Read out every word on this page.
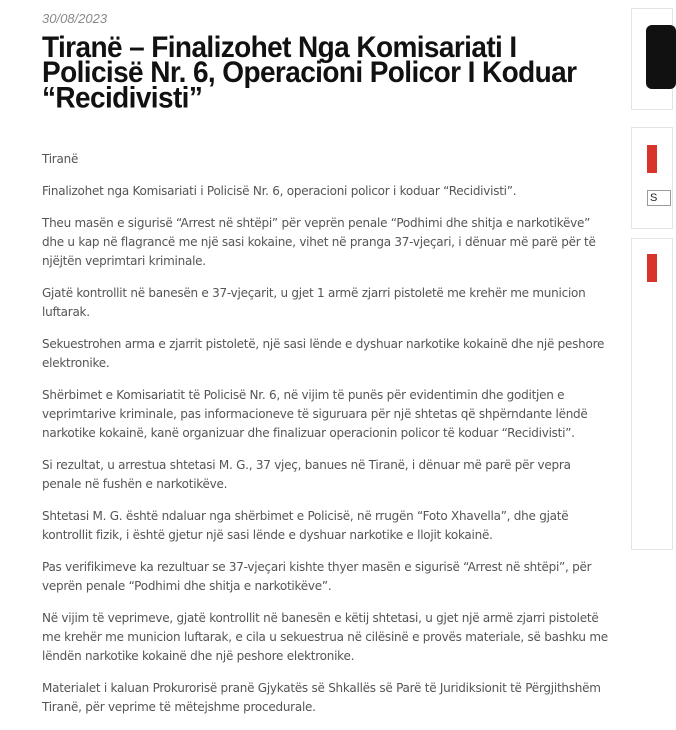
30/08/2023
Tiranë – Finalizohet Nga Komisariati I Policisë Nr. 6, Operacioni Policor I Koduar “Recidivisti”

Tiranë

Finalizohet nga Komisariati i Policisë Nr. 6, operacioni policor i koduar “Recidivisti”.

Theu masën e sigurisë “Arrest në shtëpi” për veprën penale “Podhimi dhe shitja e narkotikëve” dhe u kap në flagrancë me një sasi kokaine, vihet në pranga 37-vjeçari, i dënuar më parë për të njëjtën veprimtari kriminale.

Gjatë kontrollit në banesën e 37-vjeçarit, u gjet 1 armë zjarri pistoletë me krehër me municion luftarak.

Sekuestrohen arma e zjarrit pistoletë, një sasi lënde e dyshuar narkotike kokainë dhe një peshore elektronike.

Shërbimet e Komisariatit të Policisë Nr. 6, në vijim të punës për evidentimin dhe goditjen e veprimtarive kriminale, pas informacioneve të siguruara për një shtetas që shpërndante lëndë narkotike kokainë, kanë organizuar dhe finalizuar operacionin policor të koduar “Recidivisti”.

Si rezultat, u arrestua shtetasi M. G., 37 vjeç, banues në Tiranë, i dënuar më parë për vepra penale në fushën e narkotikëve.

Shtetasi M. G. është ndaluar nga shërbimet e Policisë, në rrugën “Foto Xhavella”, dhe gjatë kontrollit fizik, i është gjetur një sasi lënde e dyshuar narkotike e llojit kokainë.

Pas verifikimeve ka rezultuar se 37-vjeçari kishte thyer masën e sigurisë “Arrest në shtëpi”, për veprën penale “Podhimi dhe shitja e narkotikëve”.

Në vijim të veprimeve, gjatë kontrollit në banesën e këtij shtetasi, u gjet një armë zjarri pistoletë me krehër me municion luftarak, e cila u sekuestrua në cilësinë e provës materiale, së bashku me lëndën narkotike kokainë dhe një peshore elektronike.

Materialet i kaluan Prokurorisë pranë Gjykatës së Shkallës së Parë të Juridiksionit të Përgjithshëm Tiranë, për veprime të mëtejshme procedurale.

S
